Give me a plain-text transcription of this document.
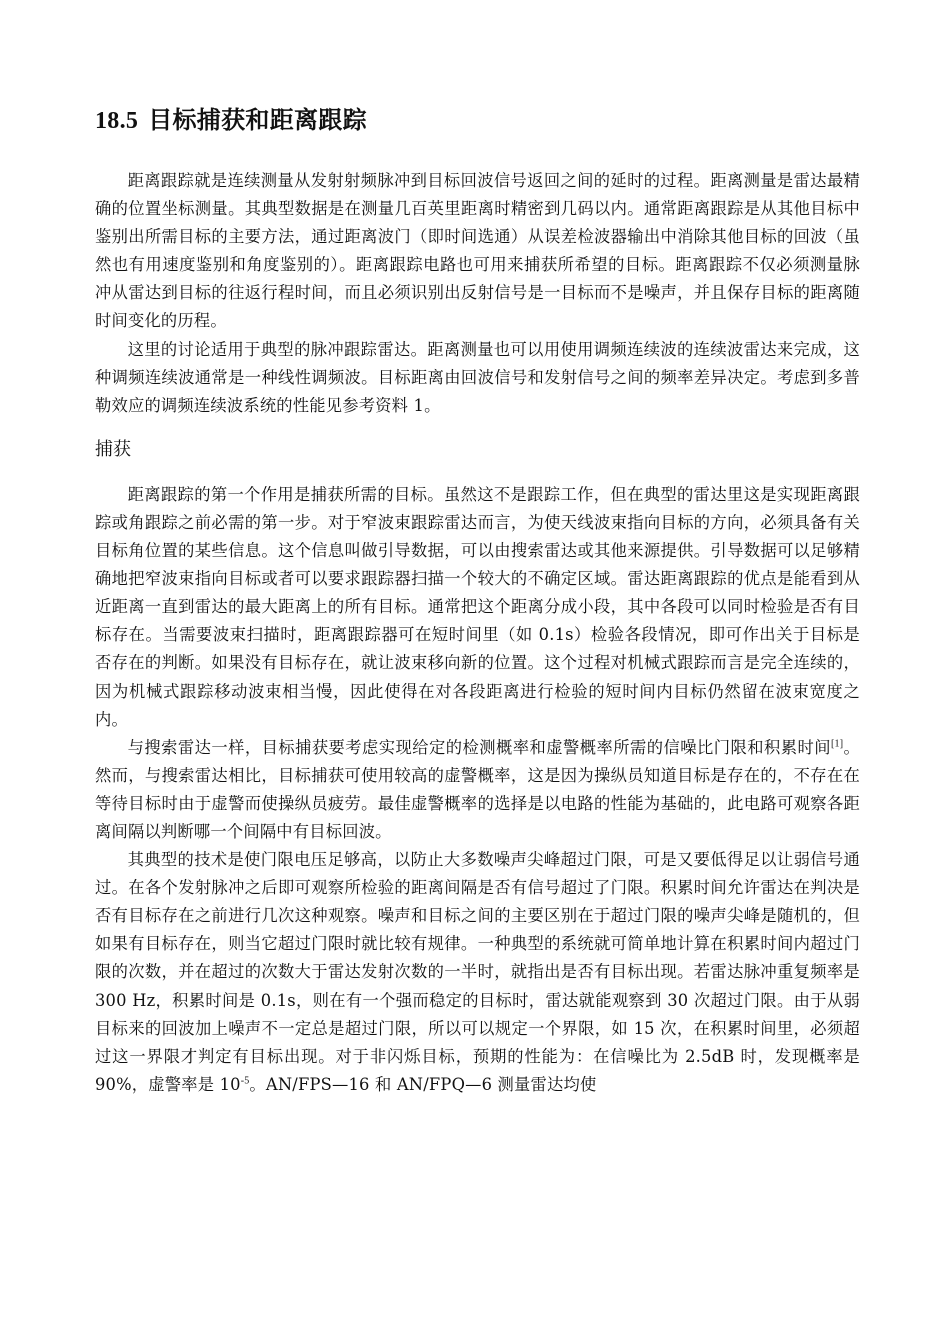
18.5 目标捕获和距离跟踪

距离跟踪就是连续测量从发射射频脉冲到目标回波信号返回之间的延时的过程。距离测量是雷达最精确的位置坐标测量。其典型数据是在测量几百英里距离时精密到几码以内。通常距离跟踪是从其他目标中鉴别出所需目标的主要方法，通过距离波门（即时间选通）从误差检波器输出中消除其他目标的回波（虽然也有用速度鉴别和角度鉴别的）。距离跟踪电路也可用来捕获所希望的目标。距离跟踪不仅必须测量脉冲从雷达到目标的往返行程时间，而且必须识别出反射信号是一目标而不是噪声，并且保存目标的距离随时间变化的历程。

这里的讨论适用于典型的脉冲跟踪雷达。距离测量也可以用使用调频连续波的连续波雷达来完成，这种调频连续波通常是一种线性调频波。目标距离由回波信号和发射信号之间的频率差异决定。考虑到多普勒效应的调频连续波系统的性能见参考资料 1。

捕获

距离跟踪的第一个作用是捕获所需的目标。虽然这不是跟踪工作，但在典型的雷达里这是实现距离跟踪或角跟踪之前必需的第一步。对于窄波束跟踪雷达而言，为使天线波束指向目标的方向，必须具备有关目标角位置的某些信息。这个信息叫做引导数据，可以由搜索雷达或其他来源提供。引导数据可以足够精确地把窄波束指向目标或者可以要求跟踪器扫描一个较大的不确定区域。雷达距离跟踪的优点是能看到从近距离一直到雷达的最大距离上的所有目标。通常把这个距离分成小段，其中各段可以同时检验是否有目标存在。当需要波束扫描时，距离跟踪器可在短时间里（如 0.1s）检验各段情况，即可作出关于目标是否存在的判断。如果没有目标存在，就让波束移向新的位置。这个过程对机械式跟踪而言是完全连续的，因为机械式跟踪移动波束相当慢，因此使得在对各段距离进行检验的短时间内目标仍然留在波束宽度之内。

与搜索雷达一样，目标捕获要考虑实现给定的检测概率和虚警概率所需的信噪比门限和积累时间[1]。然而，与搜索雷达相比，目标捕获可使用较高的虚警概率，这是因为操纵员知道目标是存在的，不存在在等待目标时由于虚警而使操纵员疲劳。最佳虚警概率的选择是以电路的性能为基础的，此电路可观察各距离间隔以判断哪一个间隔中有目标回波。

其典型的技术是使门限电压足够高，以防止大多数噪声尖峰超过门限，可是又要低得足以让弱信号通过。在各个发射脉冲之后即可观察所检验的距离间隔是否有信号超过了门限。积累时间允许雷达在判决是否有目标存在之前进行几次这种观察。噪声和目标之间的主要区别在于超过门限的噪声尖峰是随机的，但如果有目标存在，则当它超过门限时就比较有规律。一种典型的系统就可简单地计算在积累时间内超过门限的次数，并在超过的次数大于雷达发射次数的一半时，就指出是否有目标出现。若雷达脉冲重复频率是 300 Hz，积累时间是 0.1s，则在有一个强而稳定的目标时，雷达就能观察到 30 次超过门限。由于从弱目标来的回波加上噪声不一定总是超过门限，所以可以规定一个界限，如 15 次，在积累时间里，必须超过这一界限才判定有目标出现。对于非闪烁目标，预期的性能为：在信噪比为 2.5dB 时，发现概率是 90%，虚警率是 $10^{-5}$。AN/FPS—16 和 AN/FPQ—6 测量雷达均使
